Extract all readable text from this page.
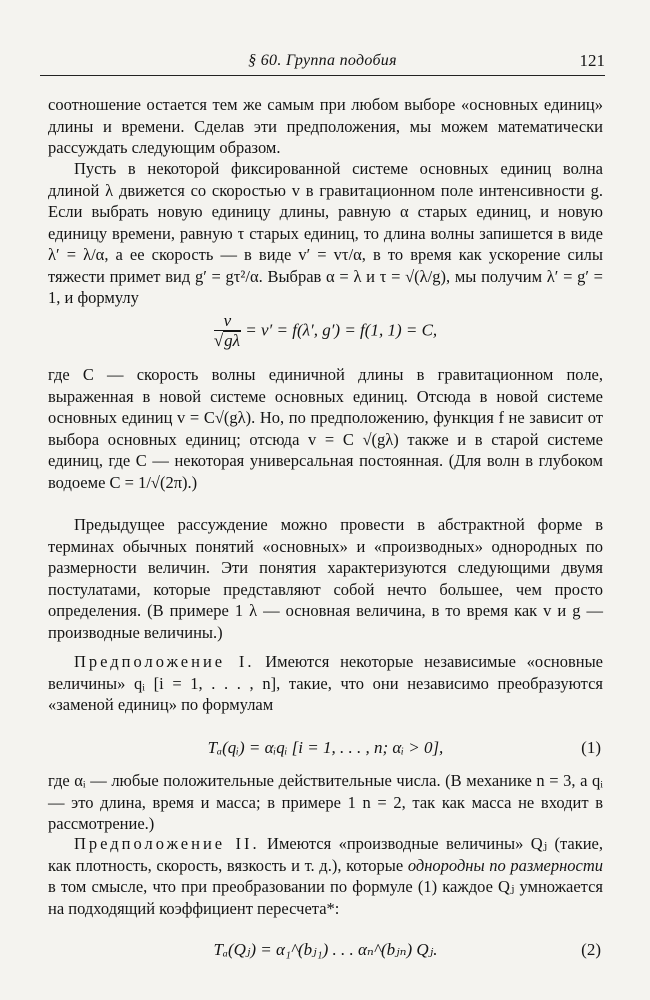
§ 60. Группа подобия	121

соотношение остается тем же самым при любом выборе «основных единиц» длины и времени. Сделав эти предположения, мы можем математически рассуждать следующим образом.

Пусть в некоторой фиксированной системе основных единиц волна длиной λ движется со скоростью v в гравитационном поле интенсивности g. Если выбрать новую единицу длины, равную α старых единиц, и новую единицу времени, равную τ старых единиц, то длина волны запишется в виде λ′ = λ/α, а ее скорость — в виде v′ = vτ/α, в то время как ускорение силы тяжести примет вид g′ = gτ²/α. Выбрав α = λ и τ = √(λ/g), мы получим λ′ = g′ = 1, и формулу

$\frac{v}{√g\lambda} = v' = f(\lambda'$, g′) = f(1, 1) = C,

где C — скорость волны единичной длины в гравитационном поле, выраженная в новой системе основных единиц. Отсюда в новой системе основных единиц v = C√(gλ). Но, по предположению, функция f не зависит от выбора основных единиц; отсюда v = C √(gλ) также и в старой системе единиц, где C — некоторая универсальная постоянная. (Для волн в глубоком водоеме C = 1/√(2π).)

Предыдущее рассуждение можно провести в абстрактной форме в терминах обычных понятий «основных» и «производных» однородных по размерности величин. Эти понятия характеризуются следующими двумя постулатами, которые представляют собой нечто большее, чем просто определения. (В примере 1 λ — основная величина, в то время как v и g — производные величины.)

Предположение I. Имеются некоторые независимые «основные величины» qᵢ [i = 1, . . . , n], такие, что они независимо преобразуются «заменой единиц» по формулам

Tₐ(qᵢ) = αᵢqᵢ [i = 1, . . . , n; αᵢ > 0],	(1)

где αᵢ — любые положительные действительные числа. (В механике n = 3, а qᵢ — это длина, время и масса; в примере 1 n = 2, так как масса не входит в рассмотрение.)

Предположение II. Имеются «производные величины» Qⱼ (такие, как плотность, скорость, вязкость и т. д.), которые однородны по размерности в том смысле, что при преобразовании по формуле (1) каждое Qⱼ умножается на подходящий коэффициент пересчета*:

Tₐ(Qⱼ) = α₁^(bⱼ₁) . . . αₙ^(bⱼₙ) Qⱼ.	(2)
